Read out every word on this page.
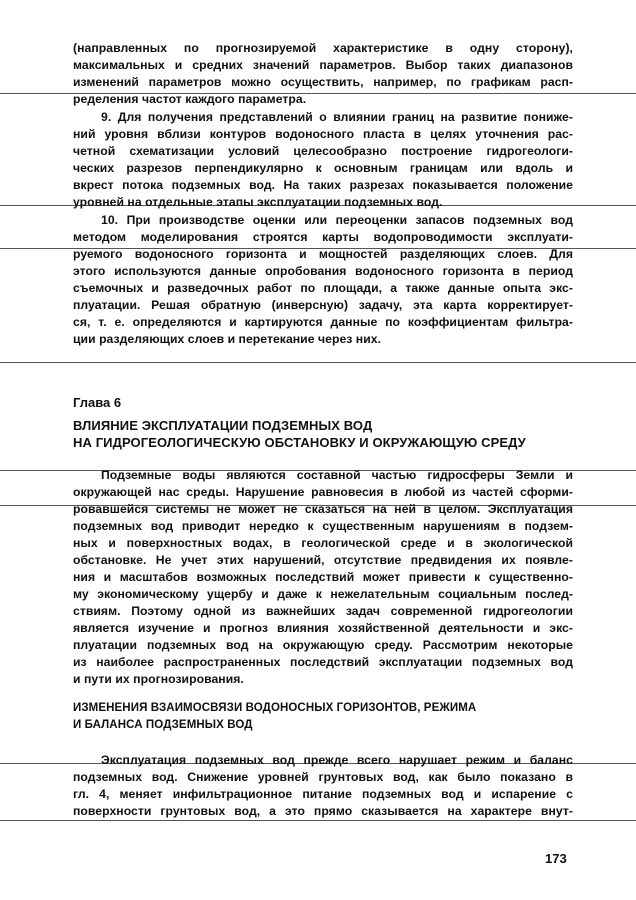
(направленных по прогнозируемой характеристике в одну сторону),
максимальных и средних значений параметров. Выбор таких диапазонов
изменений параметров можно осуществить, например, по графикам расп-
ределения частот каждого параметра.
9. Для получения представлений о влиянии границ на развитие пониже-
ний уровня вблизи контуров водоносного пласта в целях уточнения рас-
четной схематизации условий целесообразно построение гидрогеологи-
ческих разрезов перпендикулярно к основным границам или вдоль и
вкрест потока подземных вод. На таких разрезах показывается положение
уровней на отдельные этапы эксплуатации подземных вод.
10. При производстве оценки или переоценки запасов подземных вод
методом моделирования строятся карты водопроводимости эксплуати-
руемого водоносного горизонта и мощностей разделяющих слоев. Для
этого используются данные опробования водоносного горизонта в период
съемочных и разведочных работ по площади, а также данные опыта экс-
плуатации. Решая обратную (инверсную) задачу, эта карта корректирует-
ся, т. е. определяются и картируются данные по коэффициентам фильтра-
ции разделяющих слоев и перетекание через них.
Глава 6
ВЛИЯНИЕ ЭКСПЛУАТАЦИИ ПОДЗЕМНЫХ ВОД
НА ГИДРОГЕОЛОГИЧЕСКУЮ ОБСТАНОВКУ И ОКРУЖАЮЩУЮ СРЕДУ
Подземные воды являются составной частью гидросферы Земли и
окружающей нас среды. Нарушение равновесия в любой из частей сформи-
ровавшейся системы не может не сказаться на ней в целом. Эксплуатация
подземных вод приводит нередко к существенным нарушениям в подзем-
ных и поверхностных водах, в геологической среде и в экологической
обстановке. Не учет этих нарушений, отсутствие предвидения их появле-
ния и масштабов возможных последствий может привести к существенно-
му экономическому ущербу и даже к нежелательным социальным послед-
ствиям. Поэтому одной из важнейших задач современной гидрогеологии
является изучение и прогноз влияния хозяйственной деятельности и экс-
плуатации подземных вод на окружающую среду. Рассмотрим некоторые
из наиболее распространенных последствий эксплуатации подземных вод
и пути их прогнозирования.
ИЗМЕНЕНИЯ ВЗАИМОСВЯЗИ ВОДОНОСНЫХ ГОРИЗОНТОВ, РЕЖИМА
И БАЛАНСА ПОДЗЕМНЫХ ВОД
Эксплуатация подземных вод прежде всего нарушает режим и баланс
подземных вод. Снижение уровней грунтовых вод, как было показано в
гл. 4, меняет инфильтрационное питание подземных вод и испарение с
поверхности грунтовых вод, а это прямо сказывается на характере внут-
173
